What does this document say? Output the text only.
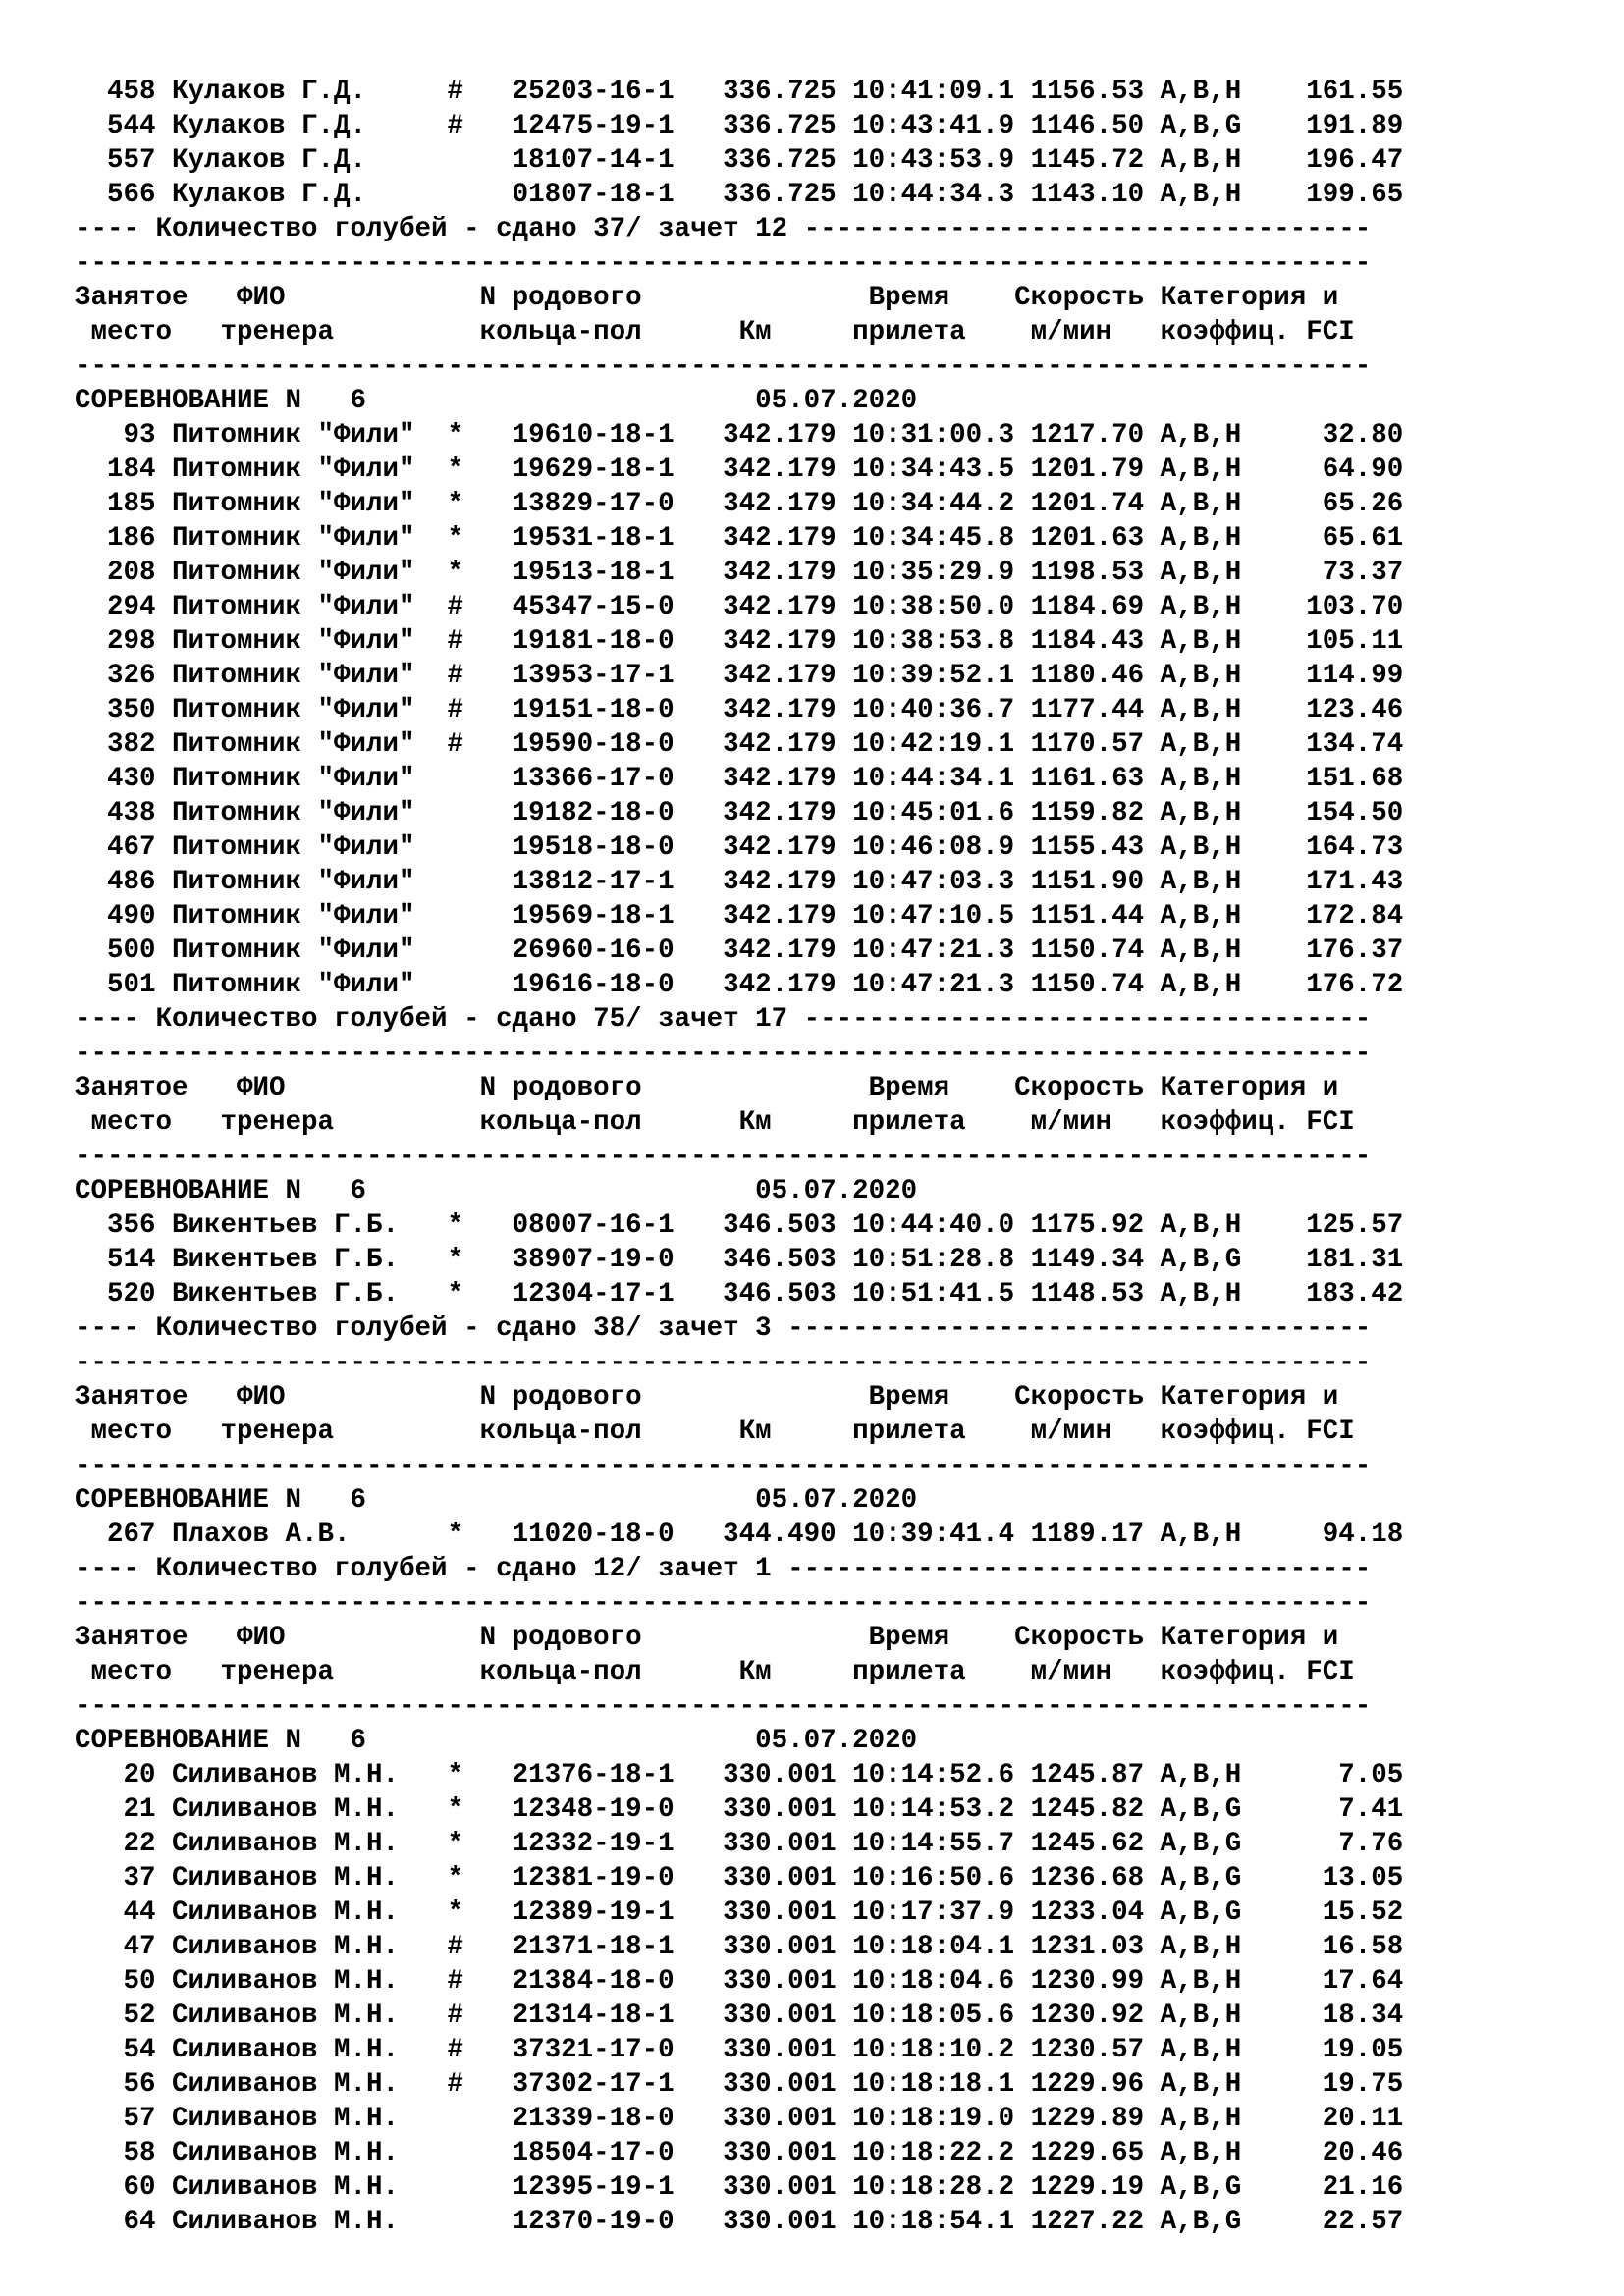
458 Кулаков Г.Д.     #   25203-16-1   336.725 10:41:09.1 1156.53 A,B,H    161.55
544 Кулаков Г.Д.     #   12475-19-1   336.725 10:43:41.9 1146.50 A,B,G    191.89
557 Кулаков Г.Д.         18107-14-1   336.725 10:43:53.9 1145.72 A,B,H    196.47
566 Кулаков Г.Д.         01807-18-1   336.725 10:44:34.3 1143.10 A,B,H    199.65
---- Количество голубей - сдано 37/ зачет 12 -----------------------------------
--------------------------------------------------------------------------------
Занятое   ФИО            N родового              Время    Скорость Категория и
место   тренера         кольца-пол      Км     прилета    м/мин   коэффиц. FCI
--------------------------------------------------------------------------------
СОРЕВНОВАНИЕ N   6                        05.07.2020
93 Питомник "Фили"  *   19610-18-1   342.179 10:31:00.3 1217.70 A,B,H     32.80
184 Питомник "Фили"  *   19629-18-1   342.179 10:34:43.5 1201.79 A,B,H     64.90
185 Питомник "Фили"  *   13829-17-0   342.179 10:34:44.2 1201.74 A,B,H     65.26
186 Питомник "Фили"  *   19531-18-1   342.179 10:34:45.8 1201.63 A,B,H     65.61
208 Питомник "Фили"  *   19513-18-1   342.179 10:35:29.9 1198.53 A,B,H     73.37
294 Питомник "Фили"  #   45347-15-0   342.179 10:38:50.0 1184.69 A,B,H    103.70
298 Питомник "Фили"  #   19181-18-0   342.179 10:38:53.8 1184.43 A,B,H    105.11
326 Питомник "Фили"  #   13953-17-1   342.179 10:39:52.1 1180.46 A,B,H    114.99
350 Питомник "Фили"  #   19151-18-0   342.179 10:40:36.7 1177.44 A,B,H    123.46
382 Питомник "Фили"  #   19590-18-0   342.179 10:42:19.1 1170.57 A,B,H    134.74
430 Питомник "Фили"      13366-17-0   342.179 10:44:34.1 1161.63 A,B,H    151.68
438 Питомник "Фили"      19182-18-0   342.179 10:45:01.6 1159.82 A,B,H    154.50
467 Питомник "Фили"      19518-18-0   342.179 10:46:08.9 1155.43 A,B,H    164.73
486 Питомник "Фили"      13812-17-1   342.179 10:47:03.3 1151.90 A,B,H    171.43
490 Питомник "Фили"      19569-18-1   342.179 10:47:10.5 1151.44 A,B,H    172.84
500 Питомник "Фили"      26960-16-0   342.179 10:47:21.3 1150.74 A,B,H    176.37
501 Питомник "Фили"      19616-18-0   342.179 10:47:21.3 1150.74 A,B,H    176.72
---- Количество голубей - сдано 75/ зачет 17 -----------------------------------
--------------------------------------------------------------------------------
Занятое   ФИО            N родового              Время    Скорость Категория и
место   тренера         кольца-пол      Км     прилета    м/мин   коэффиц. FCI
--------------------------------------------------------------------------------
СОРЕВНОВАНИЕ N   6                        05.07.2020
356 Викентьев Г.Б.   *   08007-16-1   346.503 10:44:40.0 1175.92 A,B,H    125.57
514 Викентьев Г.Б.   *   38907-19-0   346.503 10:51:28.8 1149.34 A,B,G    181.31
520 Викентьев Г.Б.   *   12304-17-1   346.503 10:51:41.5 1148.53 A,B,H    183.42
---- Количество голубей - сдано 38/ зачет 3 ------------------------------------
--------------------------------------------------------------------------------
Занятое   ФИО            N родового              Время    Скорость Категория и
место   тренера         кольца-пол      Км     прилета    м/мин   коэффиц. FCI
--------------------------------------------------------------------------------
СОРЕВНОВАНИЕ N   6                        05.07.2020
267 Плахов А.В.      *   11020-18-0   344.490 10:39:41.4 1189.17 A,B,H     94.18
---- Количество голубей - сдано 12/ зачет 1 ------------------------------------
--------------------------------------------------------------------------------
Занятое   ФИО            N родового              Время    Скорость Категория и
место   тренера         кольца-пол      Км     прилета    м/мин   коэффиц. FCI
--------------------------------------------------------------------------------
СОРЕВНОВАНИЕ N   6                        05.07.2020
20 Силиванов М.Н.   *   21376-18-1   330.001 10:14:52.6 1245.87 A,B,H      7.05
21 Силиванов М.Н.   *   12348-19-0   330.001 10:14:53.2 1245.82 A,B,G      7.41
22 Силиванов М.Н.   *   12332-19-1   330.001 10:14:55.7 1245.62 A,B,G      7.76
37 Силиванов М.Н.   *   12381-19-0   330.001 10:16:50.6 1236.68 A,B,G     13.05
44 Силиванов М.Н.   *   12389-19-1   330.001 10:17:37.9 1233.04 A,B,G     15.52
47 Силиванов М.Н.   #   21371-18-1   330.001 10:18:04.1 1231.03 A,B,H     16.58
50 Силиванов М.Н.   #   21384-18-0   330.001 10:18:04.6 1230.99 A,B,H     17.64
52 Силиванов М.Н.   #   21314-18-1   330.001 10:18:05.6 1230.92 A,B,H     18.34
54 Силиванов М.Н.   #   37321-17-0   330.001 10:18:10.2 1230.57 A,B,H     19.05
56 Силиванов М.Н.   #   37302-17-1   330.001 10:18:18.1 1229.96 A,B,H     19.75
57 Силиванов М.Н.       21339-18-0   330.001 10:18:19.0 1229.89 A,B,H     20.11
58 Силиванов М.Н.       18504-17-0   330.001 10:18:22.2 1229.65 A,B,H     20.46
60 Силиванов М.Н.       12395-19-1   330.001 10:18:28.2 1229.19 A,B,G     21.16
64 Силиванов М.Н.       12370-19-0   330.001 10:18:54.1 1227.22 A,B,G     22.57
